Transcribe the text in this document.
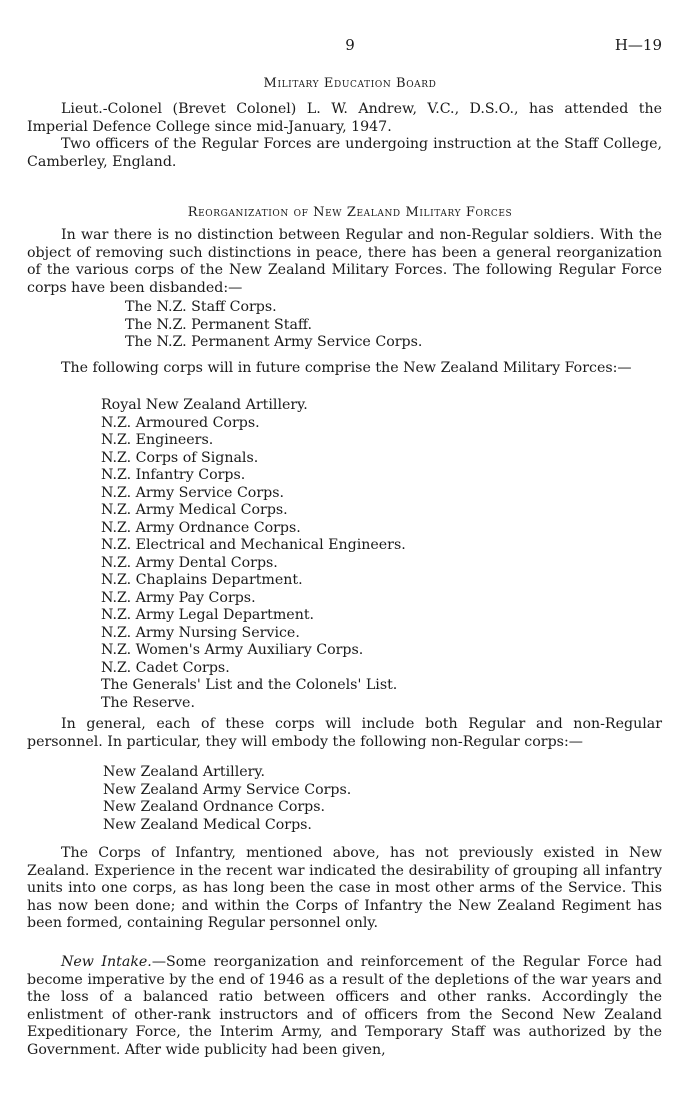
9	H—19
Military Education Board

Lieut.-Colonel (Brevet Colonel) L. W. Andrew, V.C., D.S.O., has attended the Imperial Defence College since mid-January, 1947.

Two officers of the Regular Forces are undergoing instruction at the Staff College, Camberley, England.

Reorganization of New Zealand Military Forces

In war there is no distinction between Regular and non-Regular soldiers. With the object of removing such distinctions in peace, there has been a general reorganization of the various corps of the New Zealand Military Forces. The following Regular Force corps have been disbanded:—

The N.Z. Staff Corps.
The N.Z. Permanent Staff.
The N.Z. Permanent Army Service Corps.

The following corps will in future comprise the New Zealand Military Forces:—

Royal New Zealand Artillery.
N.Z. Armoured Corps.
N.Z. Engineers.
N.Z. Corps of Signals.
N.Z. Infantry Corps.
N.Z. Army Service Corps.
N.Z. Army Medical Corps.
N.Z. Army Ordnance Corps.
N.Z. Electrical and Mechanical Engineers.
N.Z. Army Dental Corps.
N.Z. Chaplains Department.
N.Z. Army Pay Corps.
N.Z. Army Legal Department.
N.Z. Army Nursing Service.
N.Z. Women's Army Auxiliary Corps.
N.Z. Cadet Corps.
The Generals' List and the Colonels' List.
The Reserve.

In general, each of these corps will include both Regular and non-Regular personnel. In particular, they will embody the following non-Regular corps:—

New Zealand Artillery.
New Zealand Army Service Corps.
New Zealand Ordnance Corps.
New Zealand Medical Corps.

The Corps of Infantry, mentioned above, has not previously existed in New Zealand. Experience in the recent war indicated the desirability of grouping all infantry units into one corps, as has long been the case in most other arms of the Service. This has now been done; and within the Corps of Infantry the New Zealand Regiment has been formed, containing Regular personnel only.

New Intake.—Some reorganization and reinforcement of the Regular Force had become imperative by the end of 1946 as a result of the depletions of the war years and the loss of a balanced ratio between officers and other ranks. Accordingly the enlistment of other-rank instructors and of officers from the Second New Zealand Expeditionary Force, the Interim Army, and Temporary Staff was authorized by the Government. After wide publicity had been given,
